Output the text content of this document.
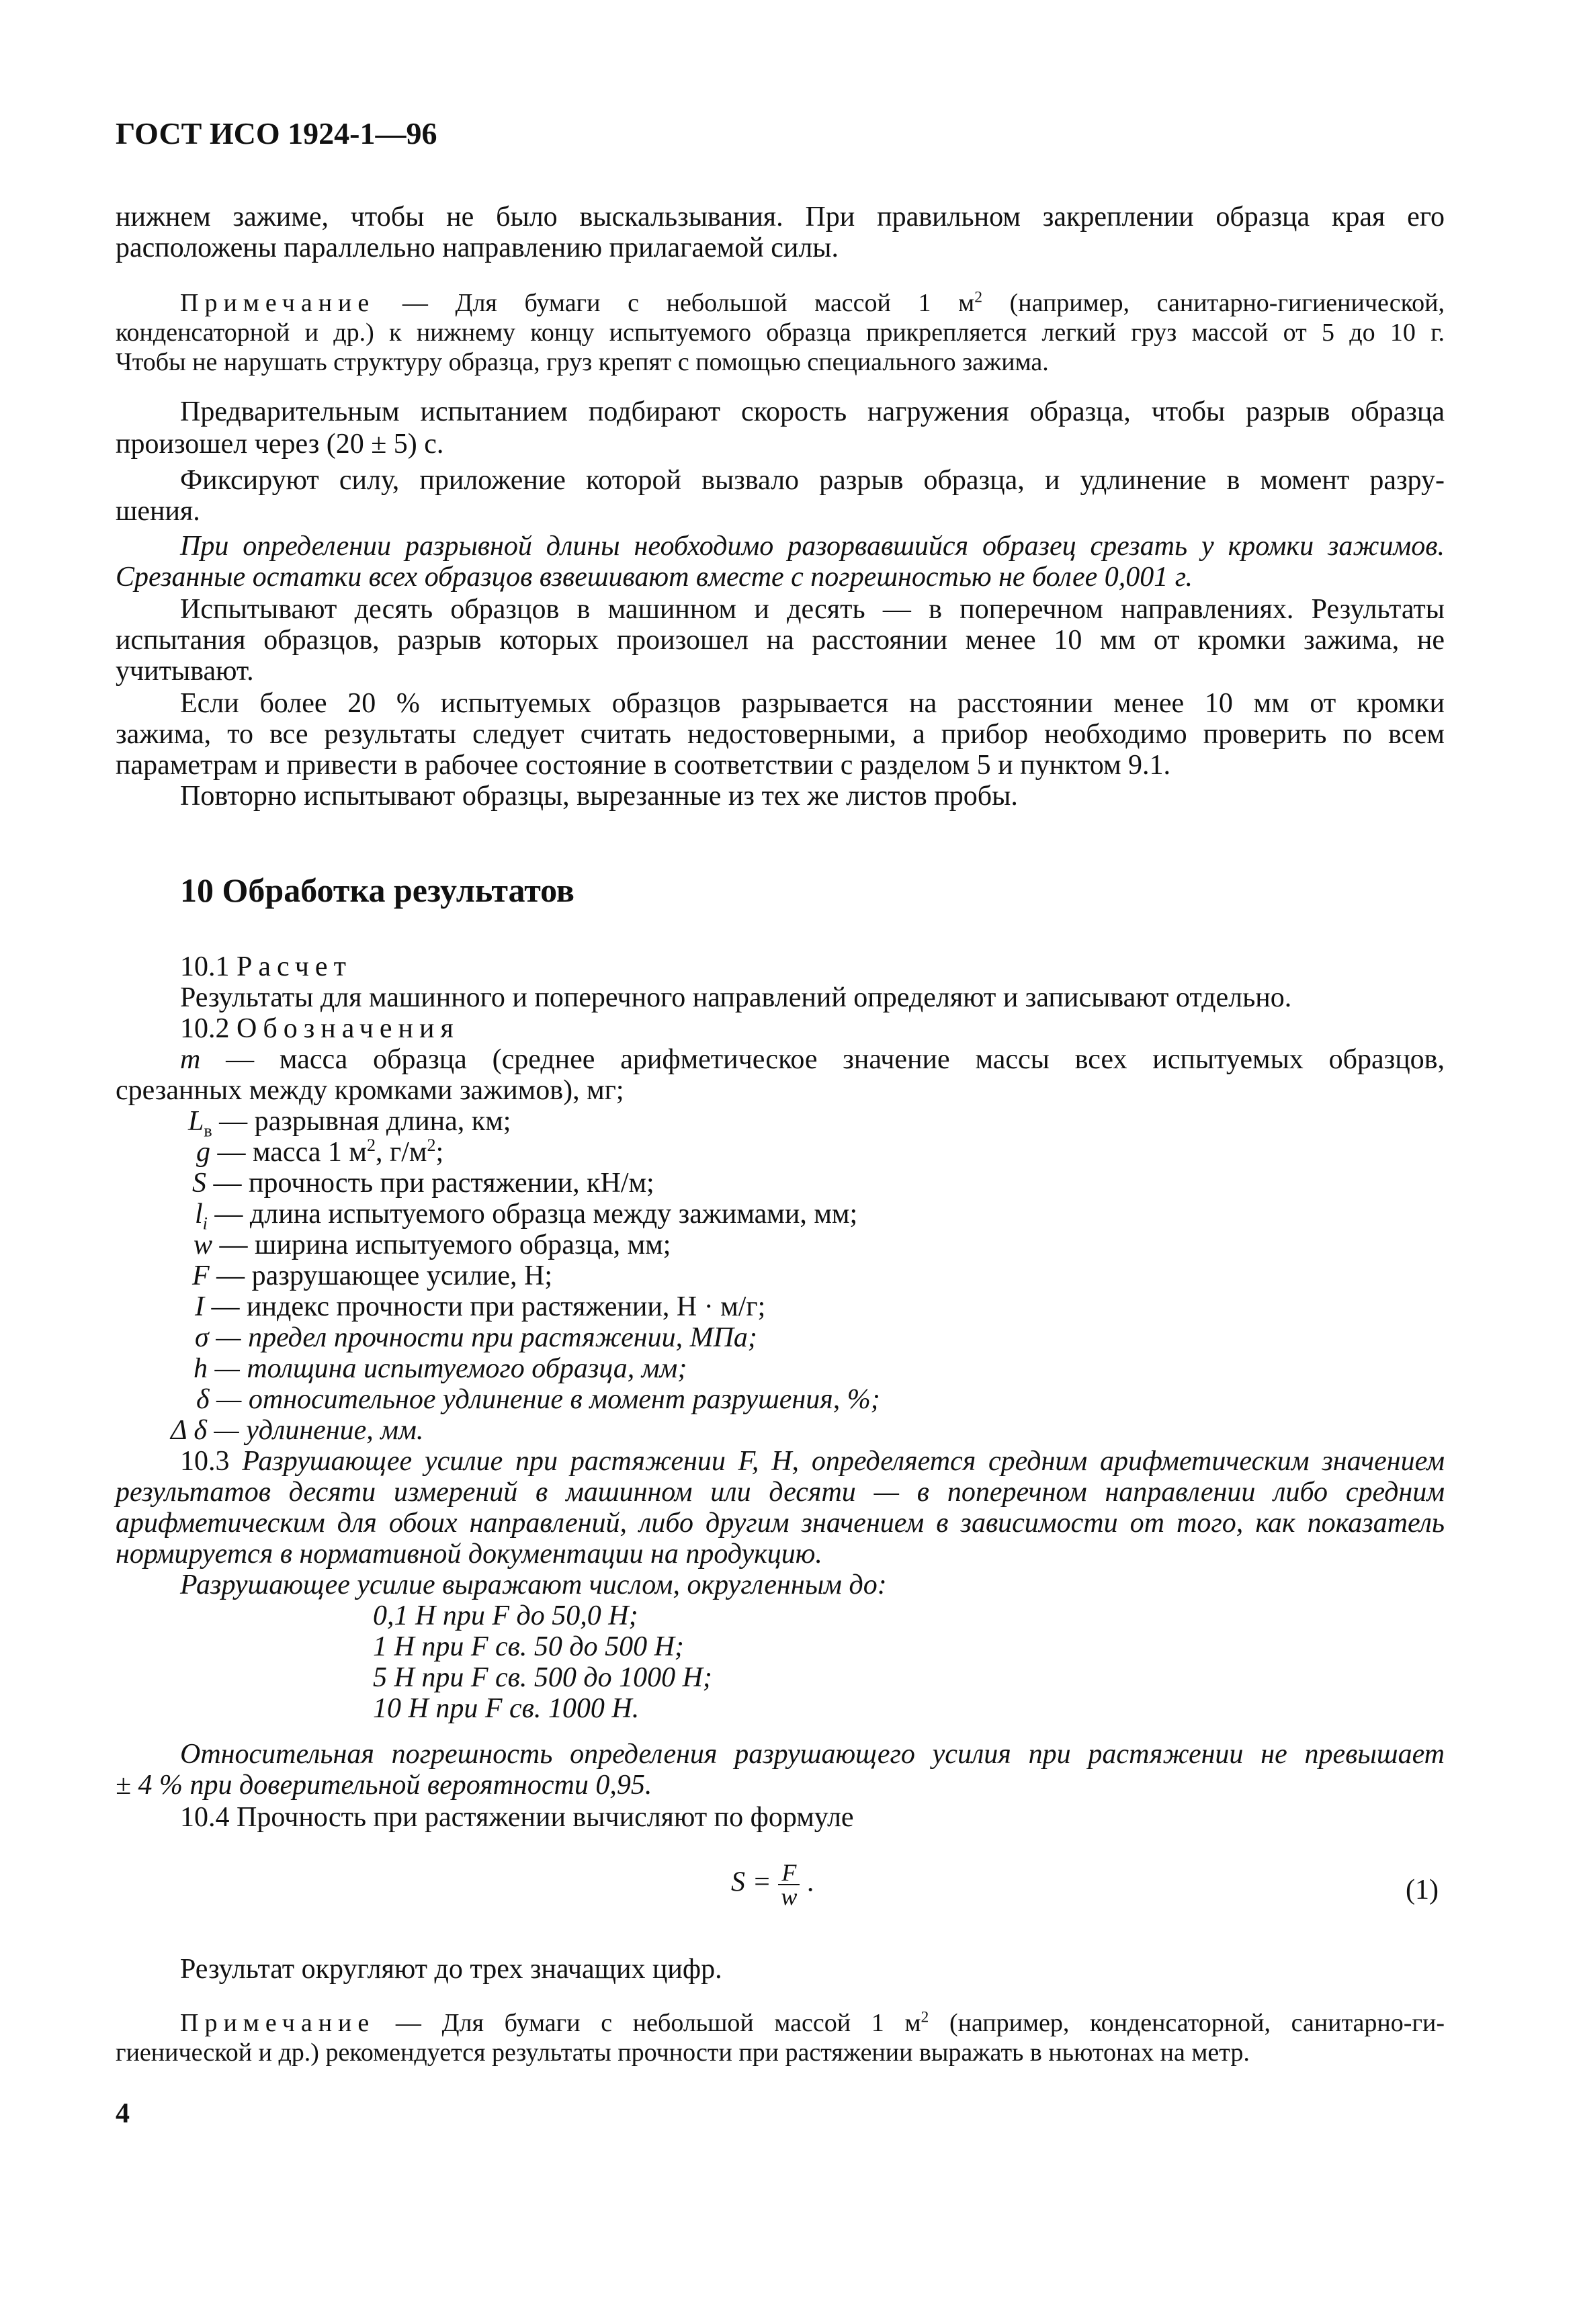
ГОСТ ИСО 1924-1—96
нижнем зажиме, чтобы не было выскальзывания. При правильном закреплении образца края его
расположены параллельно направлению прилагаемой силы.
Примечание — Для бумаги с небольшой массой 1 $м^2$ (например, санитарно-гигиенической,
конденсаторной и др.) к нижнему концу испытуемого образца прикрепляется легкий груз массой от 5 до 10 г.
Чтобы не нарушать структуру образца, груз крепят с помощью специального зажима.
Предварительным испытанием подбирают скорость нагружения образца, чтобы разрыв образца
произошел через (20 ± 5) с.
Фиксируют силу, приложение которой вызвало разрыв образца, и удлинение в момент разру-
шения.
При определении разрывной длины необходимо разорвавшийся образец срезать у кромки зажимов.
Срезанные остатки всех образцов взвешивают вместе с погрешностью не более 0,001 г.
Испытывают десять образцов в машинном и десять — в поперечном направлениях. Результаты
испытания образцов, разрыв которых произошел на расстоянии менее 10 мм от кромки зажима, не
учитывают.
Если более 20 % испытуемых образцов разрывается на расстоянии менее 10 мм от кромки
зажима, то все результаты следует считать недостоверными, а прибор необходимо проверить по всем
параметрам и привести в рабочее состояние в соответствии с разделом 5 и пунктом 9.1.
Повторно испытывают образцы, вырезанные из тех же листов пробы.
10 Обработка результатов
10.1 Расчет
Результаты для машинного и поперечного направлений определяют и записывают отдельно.
10.2 Обозначения
m — масса образца (среднее арифметическое значение массы всех испытуемых образцов,
срезанных между кромками зажимов), мг;
$L_в$ — разрывная длина, км;
g — масса 1 $м^2$, $г/м^2$;
S — прочность при растяжении, кН/м;
$l_i$ — длина испытуемого образца между зажимами, мм;
w — ширина испытуемого образца, мм;
F — разрушающее усилие, Н;
I — индекс прочности при растяжении, Н · м/г;
σ — предел прочности при растяжении, МПа;
h — толщина испытуемого образца, мм;
δ — относительное удлинение в момент разрушения, %;
Δ δ — удлинение, мм.
10.3 Разрушающее усилие при растяжении F, Н, определяется средним арифметическим значением
результатов десяти измерений в машинном или десяти — в поперечном направлении либо средним
арифметическим для обоих направлений, либо другим значением в зависимости от того, как показатель
нормируется в нормативной документации на продукцию.
Разрушающее усилие выражают числом, округленным до:
0,1 Н при F до 50,0 Н;
1 Н при F св. 50 до 500 Н;
5 Н при F св. 500 до 1000 Н;
10 Н при F св. 1000 Н.
Относительная погрешность определения разрушающего усилия при растяжении не превышает
± 4 % при доверительной вероятности 0,95.
10.4 Прочность при растяжении вычисляют по формуле
$S = \frac{F}{w}$ .	(1)
Результат округляют до трех значащих цифр.
Примечание — Для бумаги с небольшой массой 1 $м^2$ (например, конденсаторной, санитарно-ги-
гиенической и др.) рекомендуется результаты прочности при растяжении выражать в ньютонах на метр.
4
